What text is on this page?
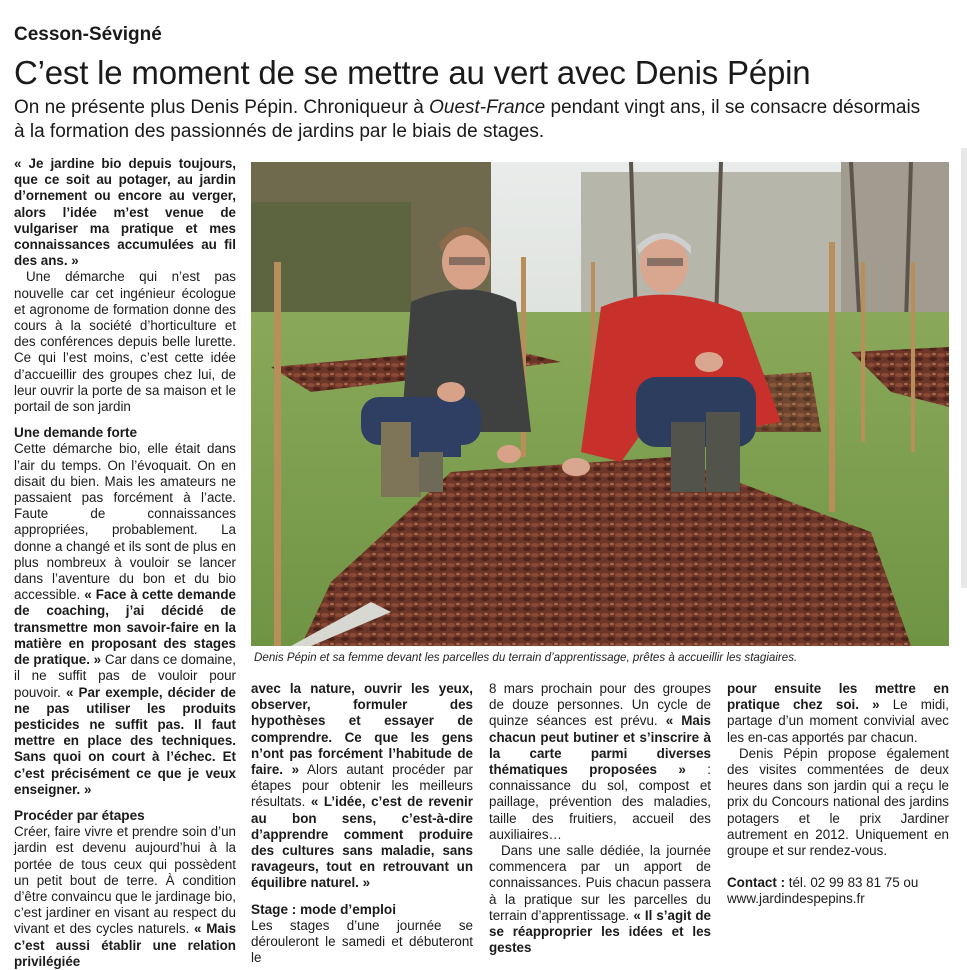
Cesson-Sévigné
C’est le moment de se mettre au vert avec Denis Pépin
On ne présente plus Denis Pépin. Chroniqueur à Ouest-France pendant vingt ans, il se consacre désormais à la formation des passionnés de jardins par le biais de stages.

« Je jardine bio depuis toujours, que ce soit au potager, au jardin d’ornement ou encore au verger, alors l’idée m’est venue de vulgariser ma pratique et mes connaissances accumulées au fil des ans. »

Une démarche qui n’est pas nouvelle car cet ingénieur écologue et agronome de formation donne des cours à la société d’horticulture et des conférences depuis belle lurette. Ce qui l’est moins, c’est cette idée d’accueillir des groupes chez lui, de leur ouvrir la porte de sa maison et le portail de son jardin

Une demande forte

Cette démarche bio, elle était dans l’air du temps. On l’évoquait. On en disait du bien. Mais les amateurs ne passaient pas forcément à l’acte. Faute de connaissances appropriées, probablement. La donne a changé et ils sont de plus en plus nombreux à vouloir se lancer dans l’aventure du bon et du bio accessible. « Face à cette demande de coaching, j’ai décidé de transmettre mon savoir-faire en la matière en proposant des stages de pratique. » Car dans ce domaine, il ne suffit pas de vouloir pour pouvoir. « Par exemple, décider de ne pas utiliser les produits pesticides ne suffit pas. Il faut mettre en place des techniques. Sans quoi on court à l’échec. Et c’est précisément ce que je veux enseigner. »

Procéder par étapes

Créer, faire vivre et prendre soin d’un jardin est devenu aujourd’hui à la portée de tous ceux qui possèdent un petit bout de terre. À condition d’être convaincu que le jardinage bio, c’est jardiner en visant au respect du vivant et des cycles naturels. « Mais c’est aussi établir une relation privilégiée

Denis Pépin et sa femme devant les parcelles du terrain d’apprentissage, prêtes à accueillir les stagiaires.

avec la nature, ouvrir les yeux, observer, formuler des hypothèses et essayer de comprendre. Ce que les gens n’ont pas forcément l’habitude de faire. » Alors autant procéder par étapes pour obtenir les meilleurs résultats. « L’idée, c’est de revenir au bon sens, c’est-à-dire d’apprendre comment produire des cultures sans maladie, sans ravageurs, tout en retrouvant un équilibre naturel. »

Stage : mode d’emploi

Les stages d’une journée se dérouleront le samedi et débuteront le

8 mars prochain pour des groupes de douze personnes. Un cycle de quinze séances est prévu. « Mais chacun peut butiner et s’inscrire à la carte parmi diverses thématiques proposées » : connaissance du sol, compost et paillage, prévention des maladies, taille des fruitiers, accueil des auxiliaires…

Dans une salle dédiée, la journée commencera par un apport de connaissances. Puis chacun passera à la pratique sur les parcelles du terrain d’apprentissage. « Il s’agit de se réapproprier les idées et les gestes

pour ensuite les mettre en pratique chez soi. » Le midi, partage d’un moment convivial avec les en-cas apportés par chacun.

Denis Pépin propose également des visites commentées de deux heures dans son jardin qui a reçu le prix du Concours national des jardins potagers et le prix Jardiner autrement en 2012. Uniquement en groupe et sur rendez-vous.

Contact : tél. 02 99 83 81 75 ou www.jardindespepins.fr
